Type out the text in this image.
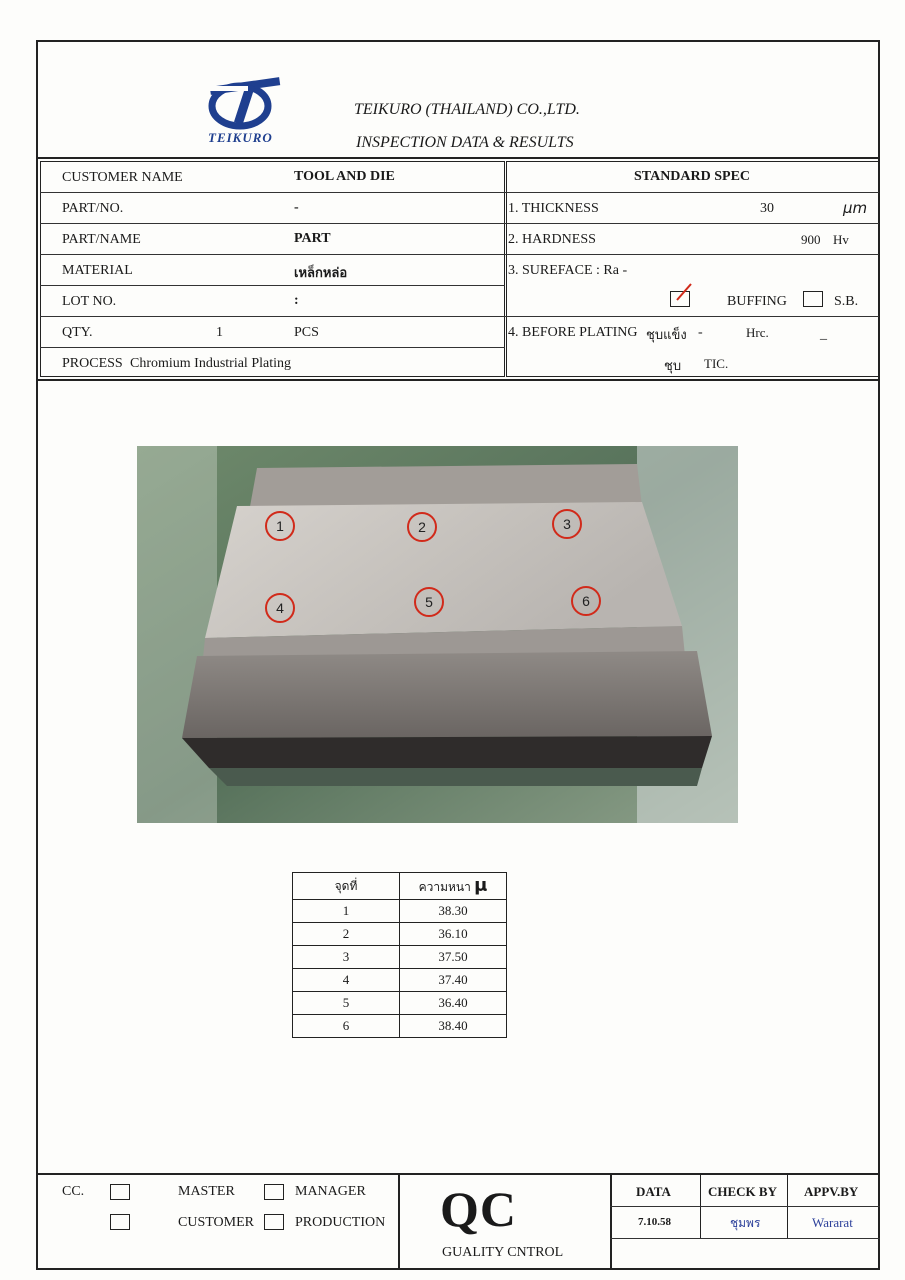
TEIKURO
TEIKURO (THAILAND) CO.,LTD.
INSPECTION DATA & RESULTS
CUSTOMER NAME	TOOL AND DIE
PART/NO.	-
PART/NAME	PART
MATERIAL	เหล็กหล่อ
LOT NO.	:
QTY.	1	PCS
PROCESS Chromium Industrial Plating
STANDARD SPEC
1. THICKNESS	30	μm
2. HARDNESS	900 Hv
3. SUREFACE : Ra -
BUFFING	S.B.
4. BEFORE PLATING ชุบแข็ง -	Hrc.	_
ชุบ TIC.
1	2	3
4	5	6
จุดที่	ความหนา μ
1	38.30
2	36.10
3	37.50
4	37.40
5	36.40
6	38.40
CC.	MASTER	MANAGER
CUSTOMER	PRODUCTION QC
GUALITY CNTROL
DATA	CHECK BY APPV.BY
7.10.58	ชุมพร	Wararat
